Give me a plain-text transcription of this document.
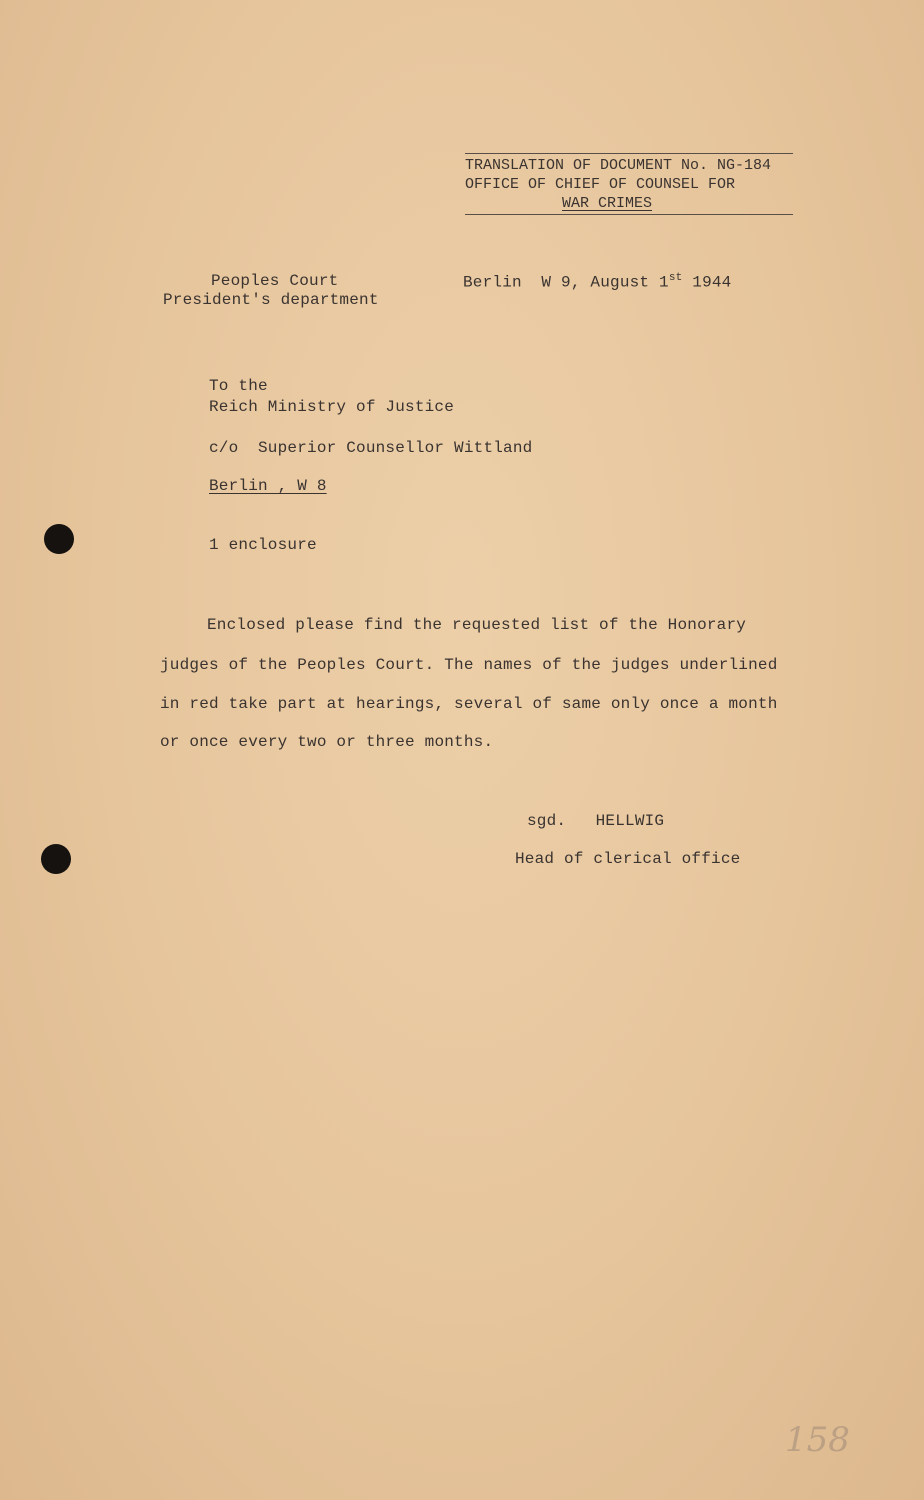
TRANSLATION OF DOCUMENT No. NG-184
OFFICE OF CHIEF OF COUNSEL FOR
WAR CRIMES
Peoples Court
President's department
Berlin  W 9, August 1st 1944
To the
Reich Ministry of Justice
c/o  Superior Counsellor Wittland
Berlin , W 8
1 enclosure
Enclosed please find the requested list of the Honorary
judges of the Peoples Court. The names of the judges underlined
in red take part at hearings, several of same only once a month
or once every two or three months.
sgd.   HELLWIG
Head of clerical office
158
